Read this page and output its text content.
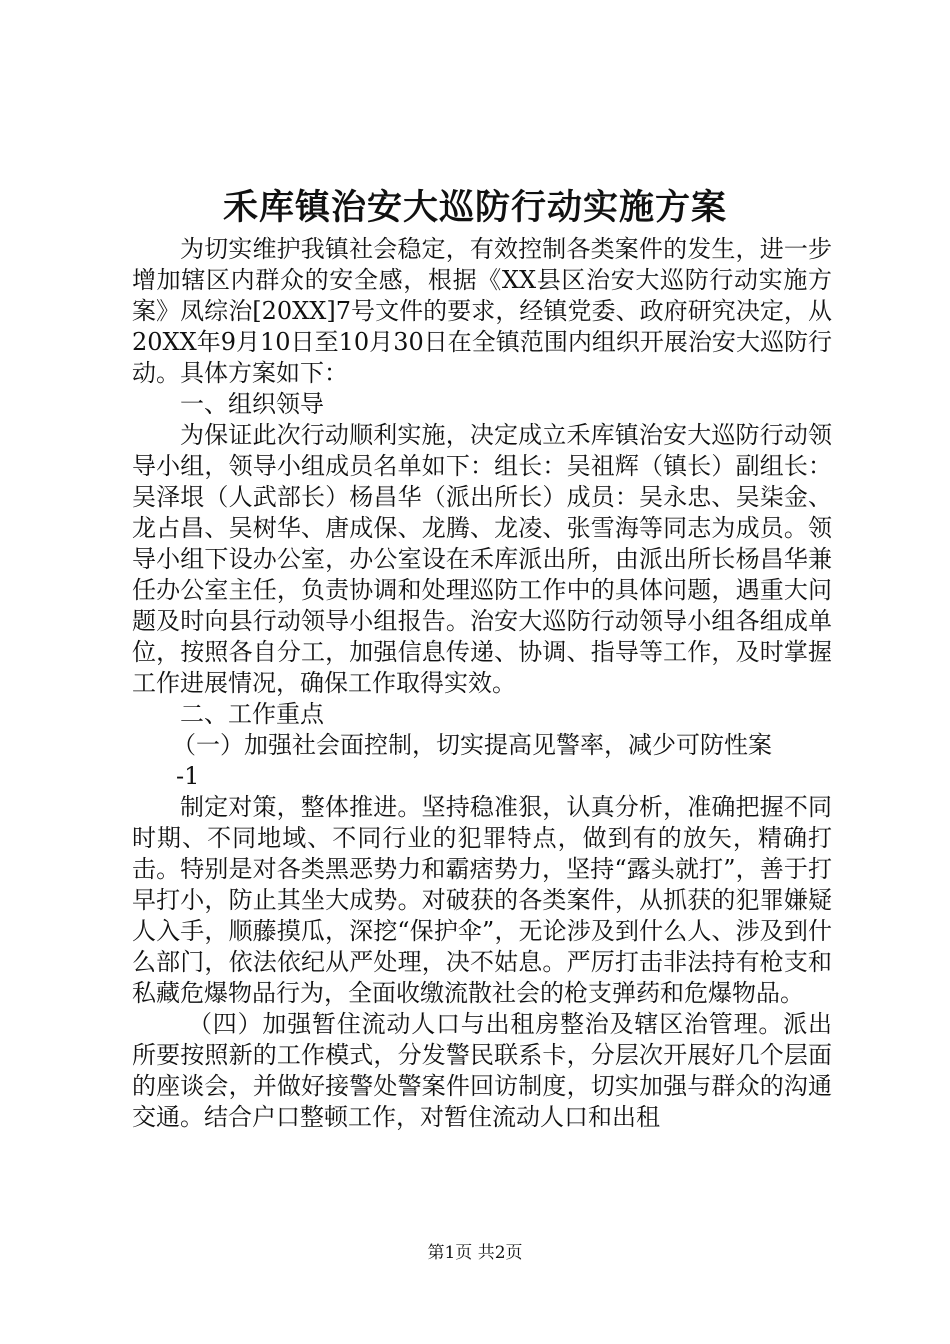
禾库镇治安大巡防行动实施方案

为切实维护我镇社会稳定，有效控制各类案件的发生，进一步增加辖区内群众的安全感，根据《XX县区治安大巡防行动实施方案》凤综治[20XX]7号文件的要求，经镇党委、政府研究决定，从20XX年9月10日至10月30日在全镇范围内组织开展治安大巡防行动。具体方案如下：

一、组织领导

为保证此次行动顺利实施，决定成立禾库镇治安大巡防行动领导小组，领导小组成员名单如下：组长：吴祖辉（镇长）副组长：吴泽垠（人武部长）杨昌华（派出所长）成员：吴永忠、吴柒金、龙占昌、吴树华、唐成保、龙腾、龙凌、张雪海等同志为成员。领导小组下设办公室，办公室设在禾库派出所，由派出所长杨昌华兼任办公室主任，负责协调和处理巡防工作中的具体问题，遇重大问题及时向县行动领导小组报告。治安大巡防行动领导小组各组成单位，按照各自分工，加强信息传递、协调、指导等工作，及时掌握工作进展情况，确保工作取得实效。

二、工作重点

（一）加强社会面控制，切实提高见警率，减少可防性案

-1

制定对策，整体推进。坚持稳准狠，认真分析，准确把握不同时期、不同地域、不同行业的犯罪特点，做到有的放矢，精确打击。特别是对各类黑恶势力和霸痞势力，坚持“露头就打”，善于打早打小，防止其坐大成势。对破获的各类案件，从抓获的犯罪嫌疑人入手，顺藤摸瓜，深挖“保护伞”，无论涉及到什么人、涉及到什么部门，依法依纪从严处理，决不姑息。严厉打击非法持有枪支和私藏危爆物品行为，全面收缴流散社会的枪支弹药和危爆物品。

（四）加强暂住流动人口与出租房整治及辖区治管理。派出所要按照新的工作模式，分发警民联系卡，分层次开展好几个层面的座谈会，并做好接警处警案件回访制度，切实加强与群众的沟通交通。结合户口整顿工作，对暂住流动人口和出租

第1页 共2页
